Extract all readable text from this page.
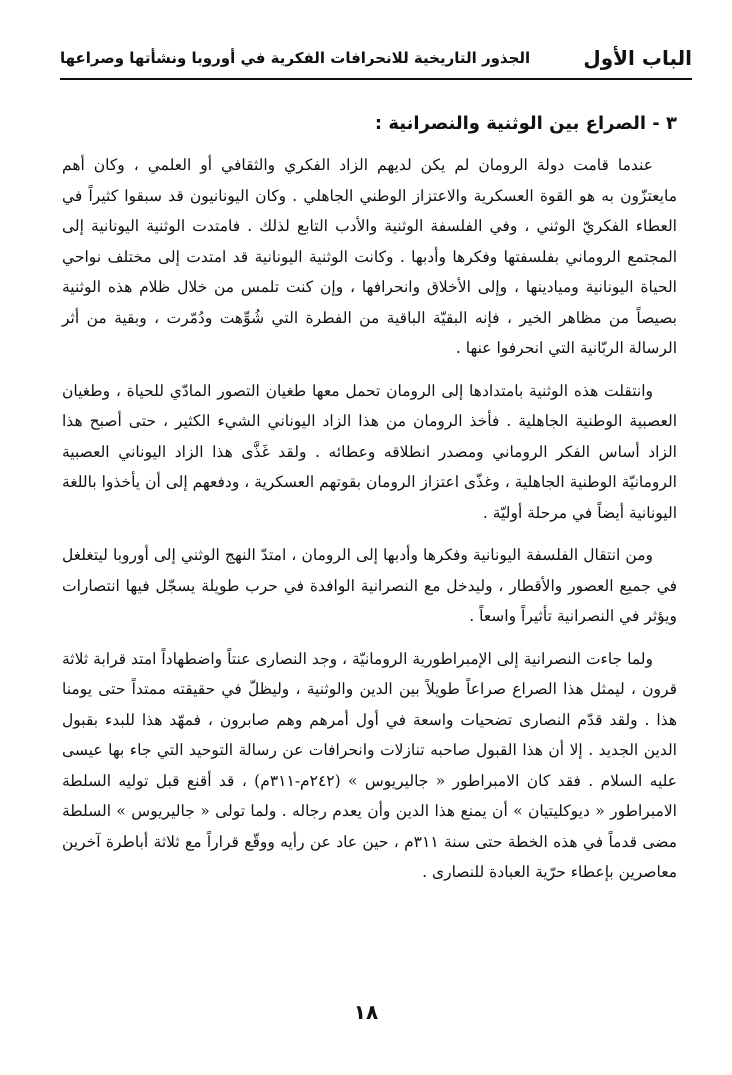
الباب الأول
الجذور التاريخية للانحرافات الفكرية في أوروبا ونشأتها وصراعها
٣ - الصراع بين الوثنية والنصرانية :

عندما قامت دولة الرومان لم يكن لديهم الزاد الفكري والثقافي أو العلمي ، وكان أهم مايعتزّون به هو القوة العسكرية والاعتزاز الوطني الجاهلي . وكان اليونانيون قد سبقوا كثيراً في العطاء الفكريّ الوثني ، وفي الفلسفة الوثنية والأدب التابع لذلك . فامتدت الوثنية اليونانية إلى المجتمع الروماني بفلسفتها وفكرها وأدبها . وكانت الوثنية اليونانية قد امتدت إلى مختلف نواحي الحياة اليونانية وميادينها ، وإلى الأخلاق وانحرافها ، وإن كنت تلمس من خلال ظلام هذه الوثنية بصيصاً من مظاهر الخير ، فإنه البقيّة الباقية من الفطرة التي شُوِّهت ودُمّرت ، وبقية من أثر الرسالة الربّانية التي انحرفوا عنها .

وانتقلت هذه الوثنية بامتدادها إلى الرومان تحمل معها طغيان التصور المادّي للحياة ، وطغيان العصبية الوطنية الجاهلية . فأخذ الرومان من هذا الزاد اليوناني الشيء الكثير ، حتى أصبح هذا الزاد أساس الفكر الروماني ومصدر انطلاقه وعطائه . ولقد غَذَّى هذا الزاد اليوناني العصبية الرومانيّة الوطنية الجاهلية ، وغذّى اعتزاز الرومان بقوتهم العسكرية ، ودفعهم إلى أن يأخذوا باللغة اليونانية أيضاً في مرحلة أوليّة .

ومن انتقال الفلسفة اليونانية وفكرها وأدبها إلى الرومان ، امتدّ النهج الوثني إلى أوروبا ليتغلغل في جميع العصور والأقطار ، وليدخل مع النصرانية الوافدة في حرب طويلة يسجّل فيها انتصارات ويؤثر في النصرانية تأثيراً واسعاً .

ولما جاءت النصرانية إلى الإمبراطورية الرومانيّة ، وجد النصارى عنتاً واضطهاداً امتد قرابة ثلاثة قرون ، ليمثل هذا الصراع صراعاً طويلاً بين الدين والوثنية ، وليظلّ في حقيقته ممتداً حتى يومنا هذا . ولقد قدّم النصارى تضحيات واسعة في أول أمرهم وهم صابرون ، فمهّد هذا للبدء بقبول الدين الجديد . إلا أن هذا القبول صاحبه تنازلات وانحرافات عن رسالة التوحيد التي جاء بها عيسى عليه السلام . فقد كان الامبراطور « جاليريوس » (٢٤٢م-٣١١م) ، قد أقنع قبل توليه السلطة الامبراطور « ديوكليتيان » أن يمنع هذا الدين وأن يعدم رجاله . ولما تولى « جاليريوس » السلطة مضى قدماً في هذه الخطة حتى سنة ٣١١م ، حين عاد عن رأيه ووقّع قراراً مع ثلاثة أباطرة آخرين معاصرين بإعطاء حرّية العبادة للنصارى .

١٨
